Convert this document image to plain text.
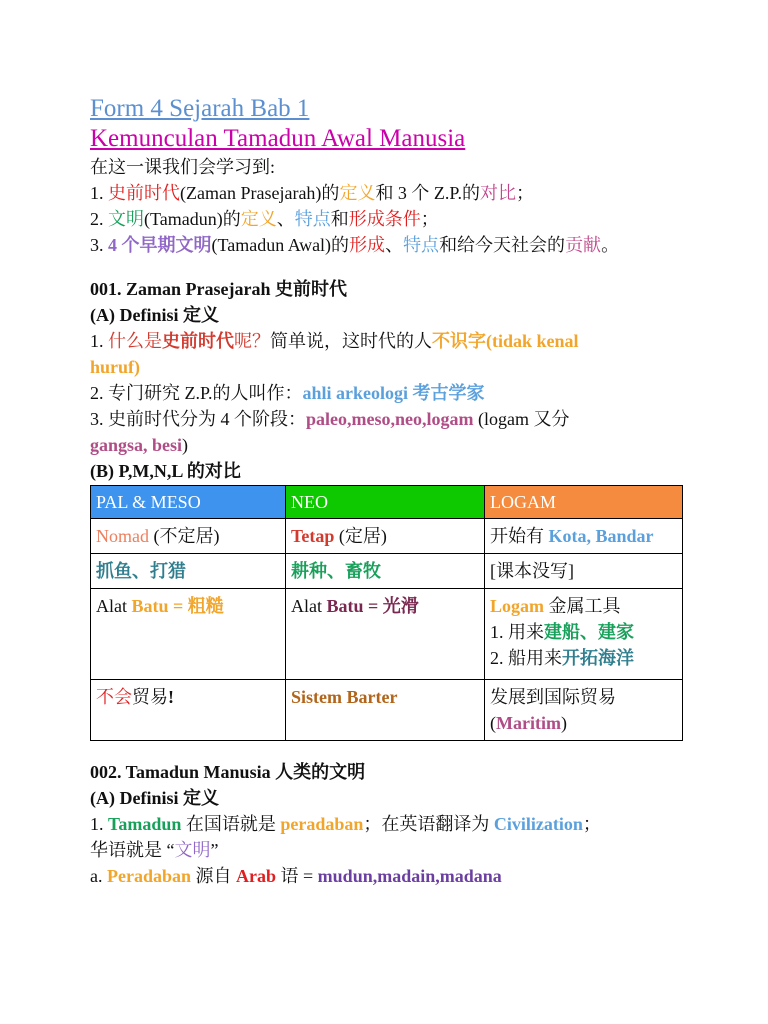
Form 4 Sejarah Bab 1
Kemunculan Tamadun Awal Manusia
在这一课我们会学习到:
1. 史前时代(Zaman Prasejarah)的定义和 3 个 Z.P.的对比；
2. 文明(Tamadun)的定义、特点和形成条件；
3. 4 个早期文明(Tamadun Awal)的形成、特点和给今天社会的贡献。
001. Zaman Prasejarah 史前时代
(A) Definisi 定义
1. 什么是史前时代呢？简单说，这时代的人不识字(tidak kenal
huruf)
2. 专门研究 Z.P.的人叫作：ahli arkeologi 考古学家
3. 史前时代分为 4 个阶段：paleo,meso,neo,logam (logam 又分
gangsa, besi)
(B) P,M,N,L 的对比
PAL & MESO	NEO	LOGAM
Nomad (不定居)	Tetap (定居)	开始有 Kota, Bandar
抓鱼、打猎	耕种、畜牧	[课本没写]
Alat Batu = 粗糙	Alat Batu = 光滑	Logam 金属工具
1. 用来建船、建家
2. 船用来开拓海洋

不会贸易!	Sistem Barter	发展到国际贸易
(Maritim)
002. Tamadun Manusia 人类的文明
(A) Definisi 定义
1. Tamadun 在国语就是 peradaban；在英语翻译为 Civilization；
华语就是 “文明”
a. Peradaban 源自 Arab 语 = mudun,madain,madana
